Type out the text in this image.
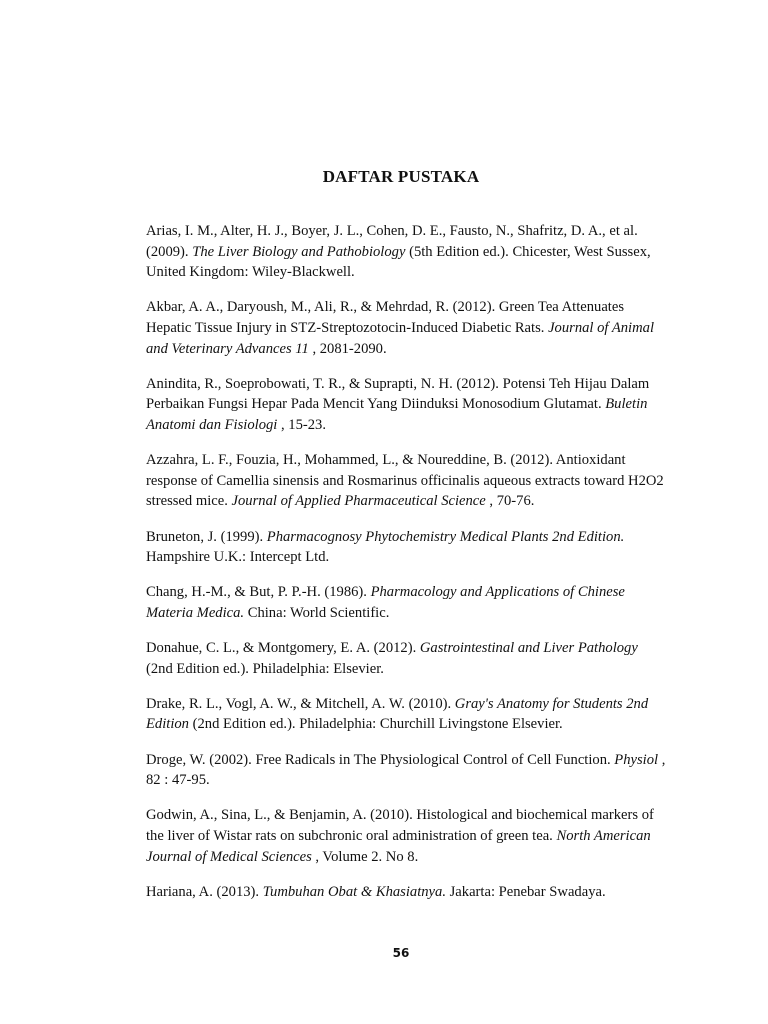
DAFTAR PUSTAKA

Arias, I. M., Alter, H. J., Boyer, J. L., Cohen, D. E., Fausto, N., Shafritz, D. A., et al. (2009). The Liver Biology and Pathobiology (5th Edition ed.). Chicester, West Sussex, United Kingdom: Wiley-Blackwell.

Akbar, A. A., Daryoush, M., Ali, R., & Mehrdad, R. (2012). Green Tea Attenuates Hepatic Tissue Injury in STZ-Streptozotocin-Induced Diabetic Rats. Journal of Animal and Veterinary Advances 11 , 2081-2090.

Anindita, R., Soeprobowati, T. R., & Suprapti, N. H. (2012). Potensi Teh Hijau Dalam Perbaikan Fungsi Hepar Pada Mencit Yang Diinduksi Monosodium Glutamat. Buletin Anatomi dan Fisiologi , 15-23.

Azzahra, L. F., Fouzia, H., Mohammed, L., & Noureddine, B. (2012). Antioxidant response of Camellia sinensis and Rosmarinus officinalis aqueous extracts toward H2O2 stressed mice. Journal of Applied Pharmaceutical Science , 70-76.

Bruneton, J. (1999). Pharmacognosy Phytochemistry Medical Plants 2nd Edition. Hampshire U.K.: Intercept Ltd.

Chang, H.-M., & But, P. P.-H. (1986). Pharmacology and Applications of Chinese Materia Medica. China: World Scientific.

Donahue, C. L., & Montgomery, E. A. (2012). Gastrointestinal and Liver Pathology (2nd Edition ed.). Philadelphia: Elsevier.

Drake, R. L., Vogl, A. W., & Mitchell, A. W. (2010). Gray's Anatomy for Students 2nd Edition (2nd Edition ed.). Philadelphia: Churchill Livingstone Elsevier.

Droge, W. (2002). Free Radicals in The Physiological Control of Cell Function. Physiol , 82 : 47-95.

Godwin, A., Sina, L., & Benjamin, A. (2010). Histological and biochemical markers of the liver of Wistar rats on subchronic oral administration of green tea. North American Journal of Medical Sciences , Volume 2. No 8.

Hariana, A. (2013). Tumbuhan Obat & Khasiatnya. Jakarta: Penebar Swadaya.

56
